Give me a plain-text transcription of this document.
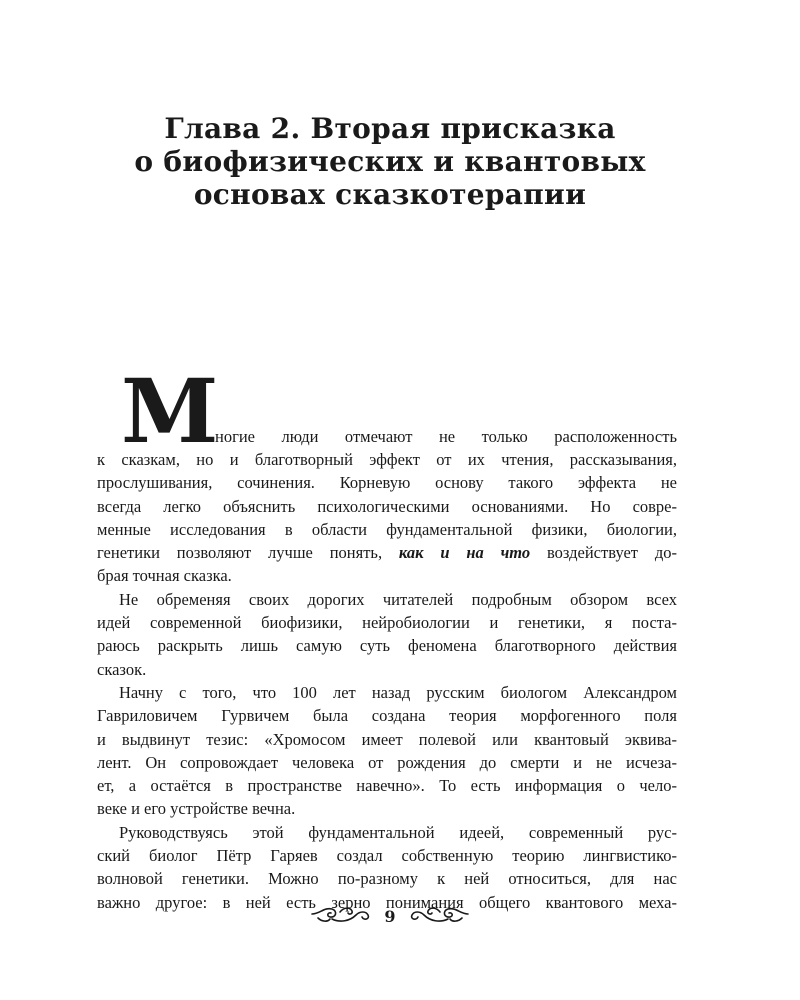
Глава 2. Вторая присказка
о биофизических и квантовых
основах сказкотерапии
М
ногие люди отмечают не только расположенность
к сказкам, но и благотворный эффект от их чтения, рассказывания,
прослушивания, сочинения. Корневую основу такого эффекта не
всегда легко объяснить психологическими основаниями. Но совре-
менные исследования в области фундаментальной физики, биологии,
генетики позволяют лучше понять, как и на что воздействует до-
брая точная сказка.
Не обременяя своих дорогих читателей подробным обзором всех
идей современной биофизики, нейробиологии и генетики, я поста-
раюсь раскрыть лишь самую суть феномена благотворного действия
сказок.
Начну с того, что 100 лет назад русским биологом Александром
Гавриловичем Гурвичем была создана теория морфогенного поля
и выдвинут тезис: «Хромосом имеет полевой или квантовый эквива-
лент. Он сопровождает человека от рождения до смерти и не исчеза-
ет, а остаётся в пространстве навечно». То есть информация о чело-
веке и его устройстве вечна.
Руководствуясь этой фундаментальной идеей, современный рус-
ский биолог Пётр Гаряев создал собственную теорию лингвистико-
волновой генетики. Можно по-разному к ней относиться, для нас
важно другое: в ней есть зерно понимания общего квантового меха-
9
